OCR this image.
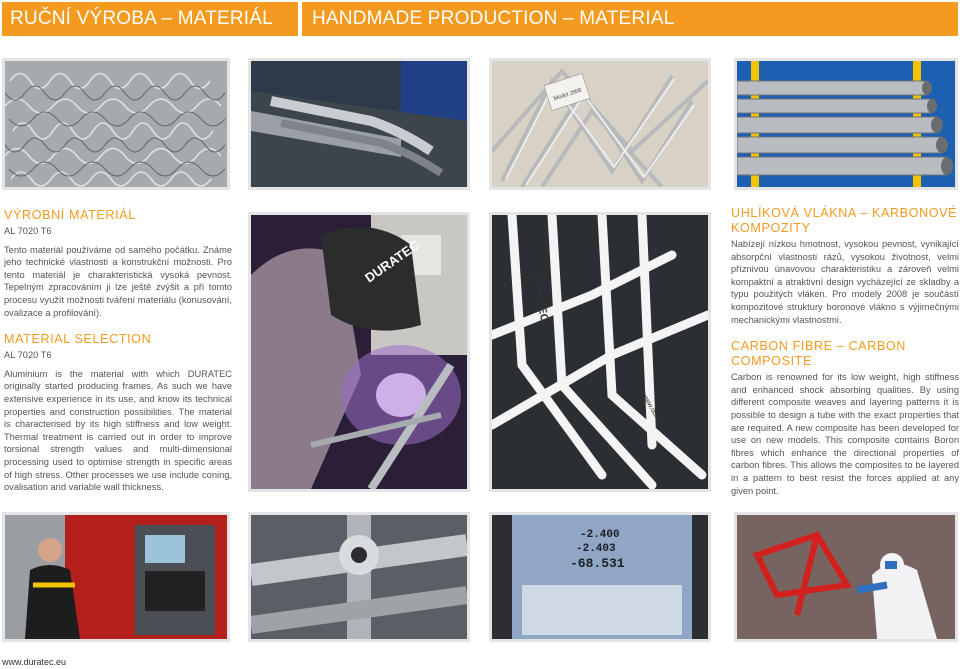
RUČNÍ VÝROBA – MATERIÁL	HANDMADE PRODUCTION – MATERIAL
Model 2008
VÝROBNÍ MATERIÁL
AL 7020 T6

Tento materiál používáme od samého počátku. Známe jeho technické vlastnosti a konstrukční možnosti. Pro tento materiál je charakteristická vysoká pevnost. Tepelným zpracováním ji lze ještě zvýšit a při tomto procesu využít možnosti tváření materiálu (konusování, ovalizace a profilování).

MATERIAL SELECTION
AL 7020 T6

Aluminium is the material with which DURATEC originally started producing frames. As such we have extensive experience in its use, and know its technical properties and construction possibilities. The material is characterised by its high stiffness and low weight. Thermal treatment is carried out in order to improve torsional strength values and multi-dimensional processing used to optimise strength in specific areas of high stress. Other processes we use include coning, ovalisation and variable wall thickness.

DURATEC
DURATEC
www.duratec.eu
UHLÍKOVÁ VLÁKNA – KARBONOVÉ KOMPOZITY

Nabízejí nízkou hmotnost, vysokou pevnost, vynikající absorpční vlastnosti rázů, vysokou životnost, velmi příznivou únavovou charakteristiku a zároveň velmi kompaktní a atraktivní design vycházející ze skladby a typu použitých vláken. Pro modely 2008 je součástí kompozitové struktury boronové vlákno s výjimečnými mechanickými vlastnostmi.

CARBON FIBRE – CARBON COMPOSITE

Carbon is renowned for its low weight, high stiffness and enhanced shock absorbing qualities. By using different composite weaves and layering patterns it is possible to design a tube with the exact properties that are required. A new composite has been developed for use on new models. This composite contains Boron fibres which enhance the directional properties of carbon fibres. This allows the composites to be layered in a pattern to best resist the forces applied at any given point.

-2.400
-2.403
-68.531
www.duratec.eu
